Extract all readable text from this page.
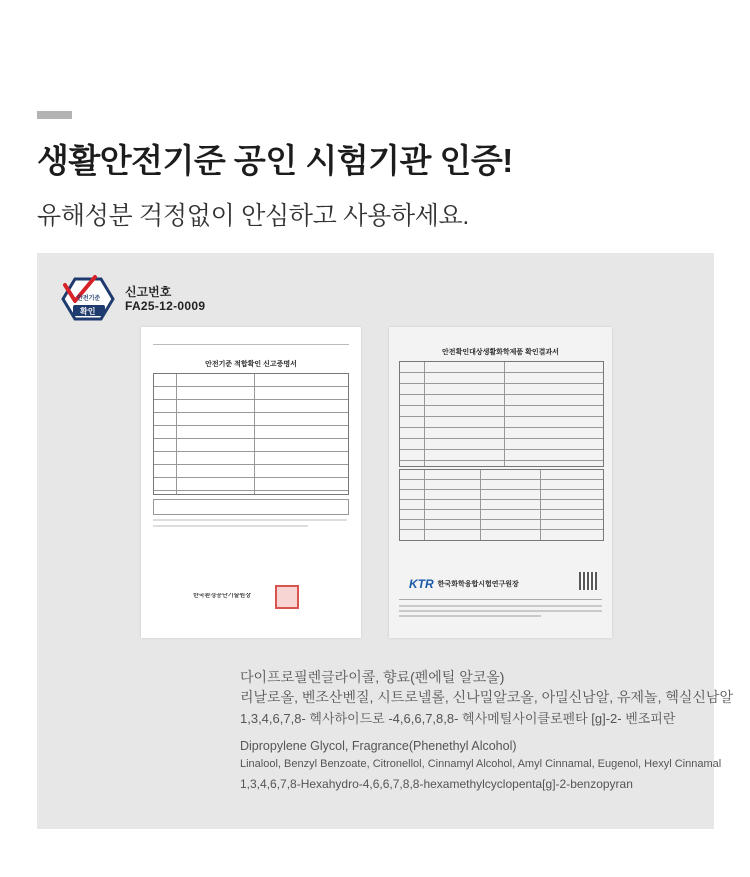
생활안전기준 공인 시험기관 인증!
유해성분 걱정없이 안심하고 사용하세요.
안전기준
확인
신고번호
FA25-12-0009
안전기준 적합확인 신고증명서
한국환경공단기술원장
안전확인대상생활화학제품 확인결과서
KTR 한국화학융합시험연구원장
다이프로필렌글라이콜, 향료(펜에틸 알코올)
리날로올, 벤조산벤질, 시트로넬롤, 신나밀알코올, 아밀신남알, 유제놀, 헥실신남알
1,3,4,6,7,8- 헥사하이드로 -4,6,6,7,8,8- 헥사메틸사이클로펜타 [g]-2- 벤조피란
Dipropylene Glycol, Fragrance(Phenethyl Alcohol)
Linalool, Benzyl Benzoate, Citronellol, Cinnamyl Alcohol, Amyl Cinnamal, Eugenol, Hexyl Cinnamal
1,3,4,6,7,8-Hexahydro-4,6,6,7,8,8-hexamethylcyclopenta[g]-2-benzopyran
